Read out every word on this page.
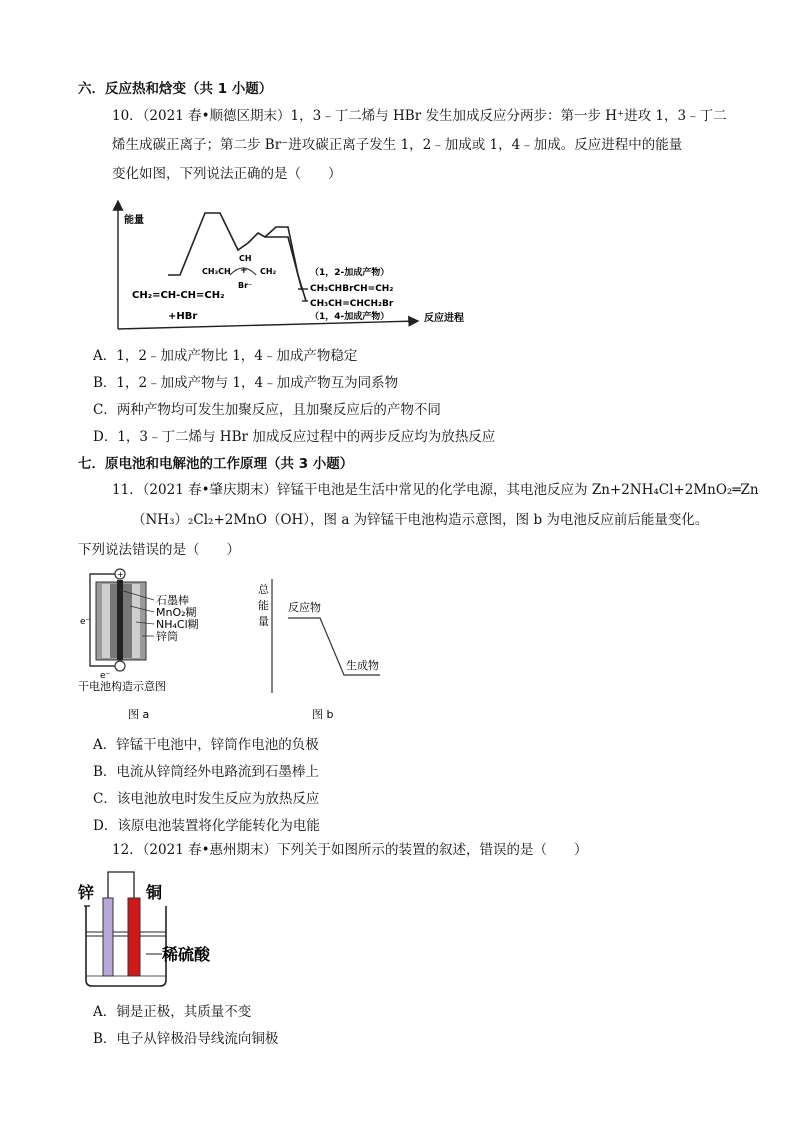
六．反应热和焓变（共 1 小题）
10．（2021 春•顺德区期末）1，3﹣丁二烯与 HBr 发生加成反应分两步：第一步 H⁺进攻 1，3﹣丁二
烯生成碳正离子；第二步 Br⁻进攻碳正离子发生 1，2﹣加成或 1，4﹣加成。反应进程中的能量
变化如图，下列说法正确的是（　　）
能量
反应进程
CH₂=CH-CH=CH₂
+HBr
CH
CH₃CH	CH₂
+
Br⁻
（1，2-加成产物）
CH₃CHBrCH=CH₂
CH₃CH=CHCH₂Br
（1，4-加成产物）
A．1，2﹣加成产物比 1，4﹣加成产物稳定
B．1，2﹣加成产物与 1，4﹣加成产物互为同系物
C．两种产物均可发生加聚反应，且加聚反应后的产物不同
D．1，3﹣丁二烯与 HBr 加成反应过程中的两步反应均为放热反应
七．原电池和电解池的工作原理（共 3 小题）
11．（2021 春•肇庆期末）锌锰干电池是生活中常见的化学电源，其电池反应为 Zn+2NH₄Cl+2MnO₂═Zn
（NH₃）₂Cl₂+2MnO（OH），图 a 为锌锰干电池构造示意图，图 b 为电池反应前后能量变化。
下列说法错误的是（　　）
+
石墨棒
MnO₂糊
NH₄Cl糊
锌筒
e⁻
e⁻
干电池构造示意图
图 a
总
能
量
反应物
生成物
图 b
A．锌锰干电池中，锌筒作电池的负极
B．电流从锌筒经外电路流到石墨棒上
C．该电池放电时发生反应为放热反应
D．该原电池装置将化学能转化为电能
12．（2021 春•惠州期末）下列关于如图所示的装置的叙述，错误的是（　　）
锌	铜
稀硫酸
A．铜是正极，其质量不变
B．电子从锌极沿导线流向铜极
